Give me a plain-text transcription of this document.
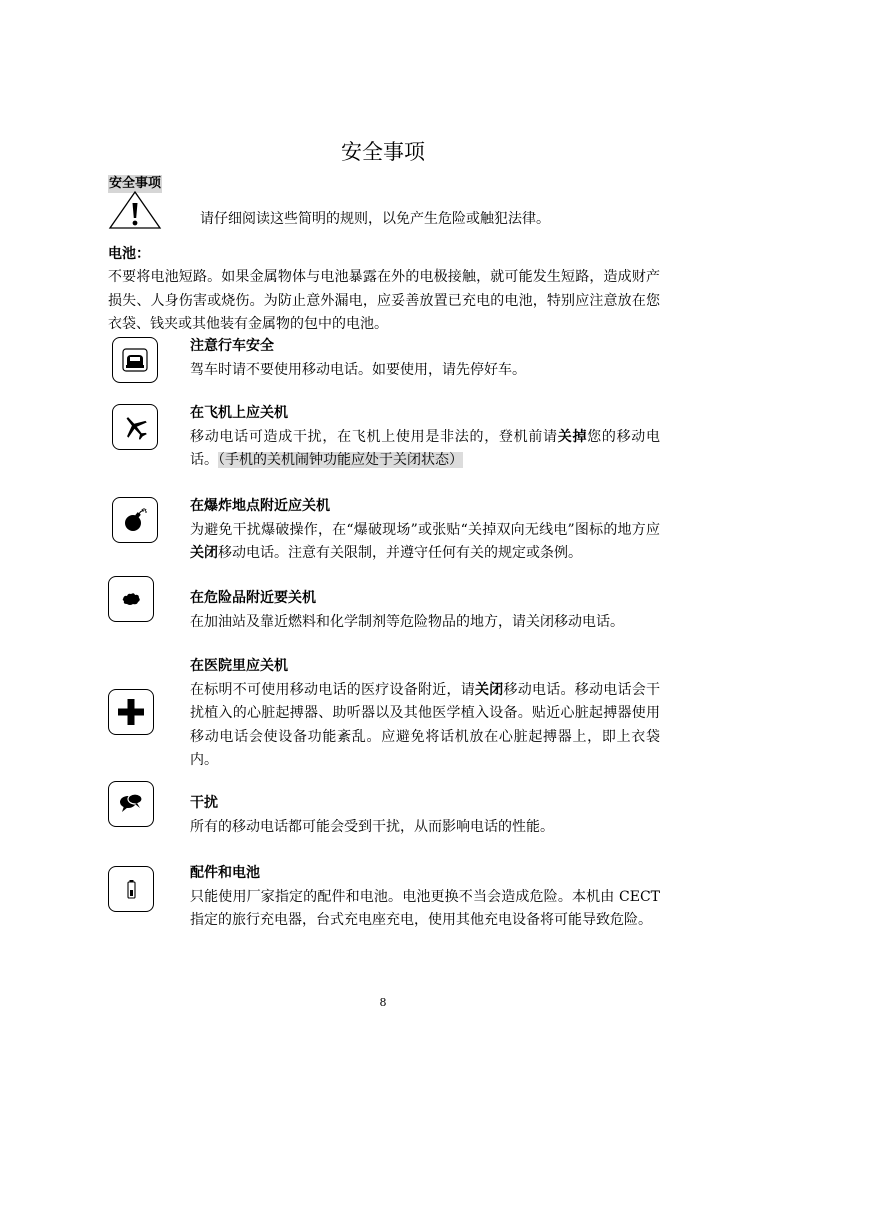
安全事项
安全事项
请仔细阅读这些简明的规则，以免产生危险或触犯法律。
电池：
不要将电池短路。如果金属物体与电池暴露在外的电极接触，就可能发生短路，造成财产损失、人身伤害或烧伤。为防止意外漏电，应妥善放置已充电的电池，特别应注意放在您衣袋、钱夹或其他装有金属物的包中的电池。
注意行车安全
驾车时请不要使用移动电话。如要使用，请先停好车。
在飞机上应关机
移动电话可造成干扰，在飞机上使用是非法的，登机前请关掉您的移动电话。（手机的关机闹钟功能应处于关闭状态）
在爆炸地点附近应关机
为避免干扰爆破操作，在“爆破现场”或张贴“关掉双向无线电”图标的地方应关闭移动电话。注意有关限制，并遵守任何有关的规定或条例。
在危险品附近要关机
在加油站及靠近燃料和化学制剂等危险物品的地方，请关闭移动电话。
在医院里应关机
在标明不可使用移动电话的医疗设备附近，请关闭移动电话。移动电话会干扰植入的心脏起搏器、助听器以及其他医学植入设备。贴近心脏起搏器使用移动电话会使设备功能紊乱。应避免将话机放在心脏起搏器上，即上衣袋内。
干扰
所有的移动电话都可能会受到干扰，从而影响电话的性能。
配件和电池
只能使用厂家指定的配件和电池。电池更换不当会造成危险。本机由 CECT 指定的旅行充电器，台式充电座充电，使用其他充电设备将可能导致危险。
8
